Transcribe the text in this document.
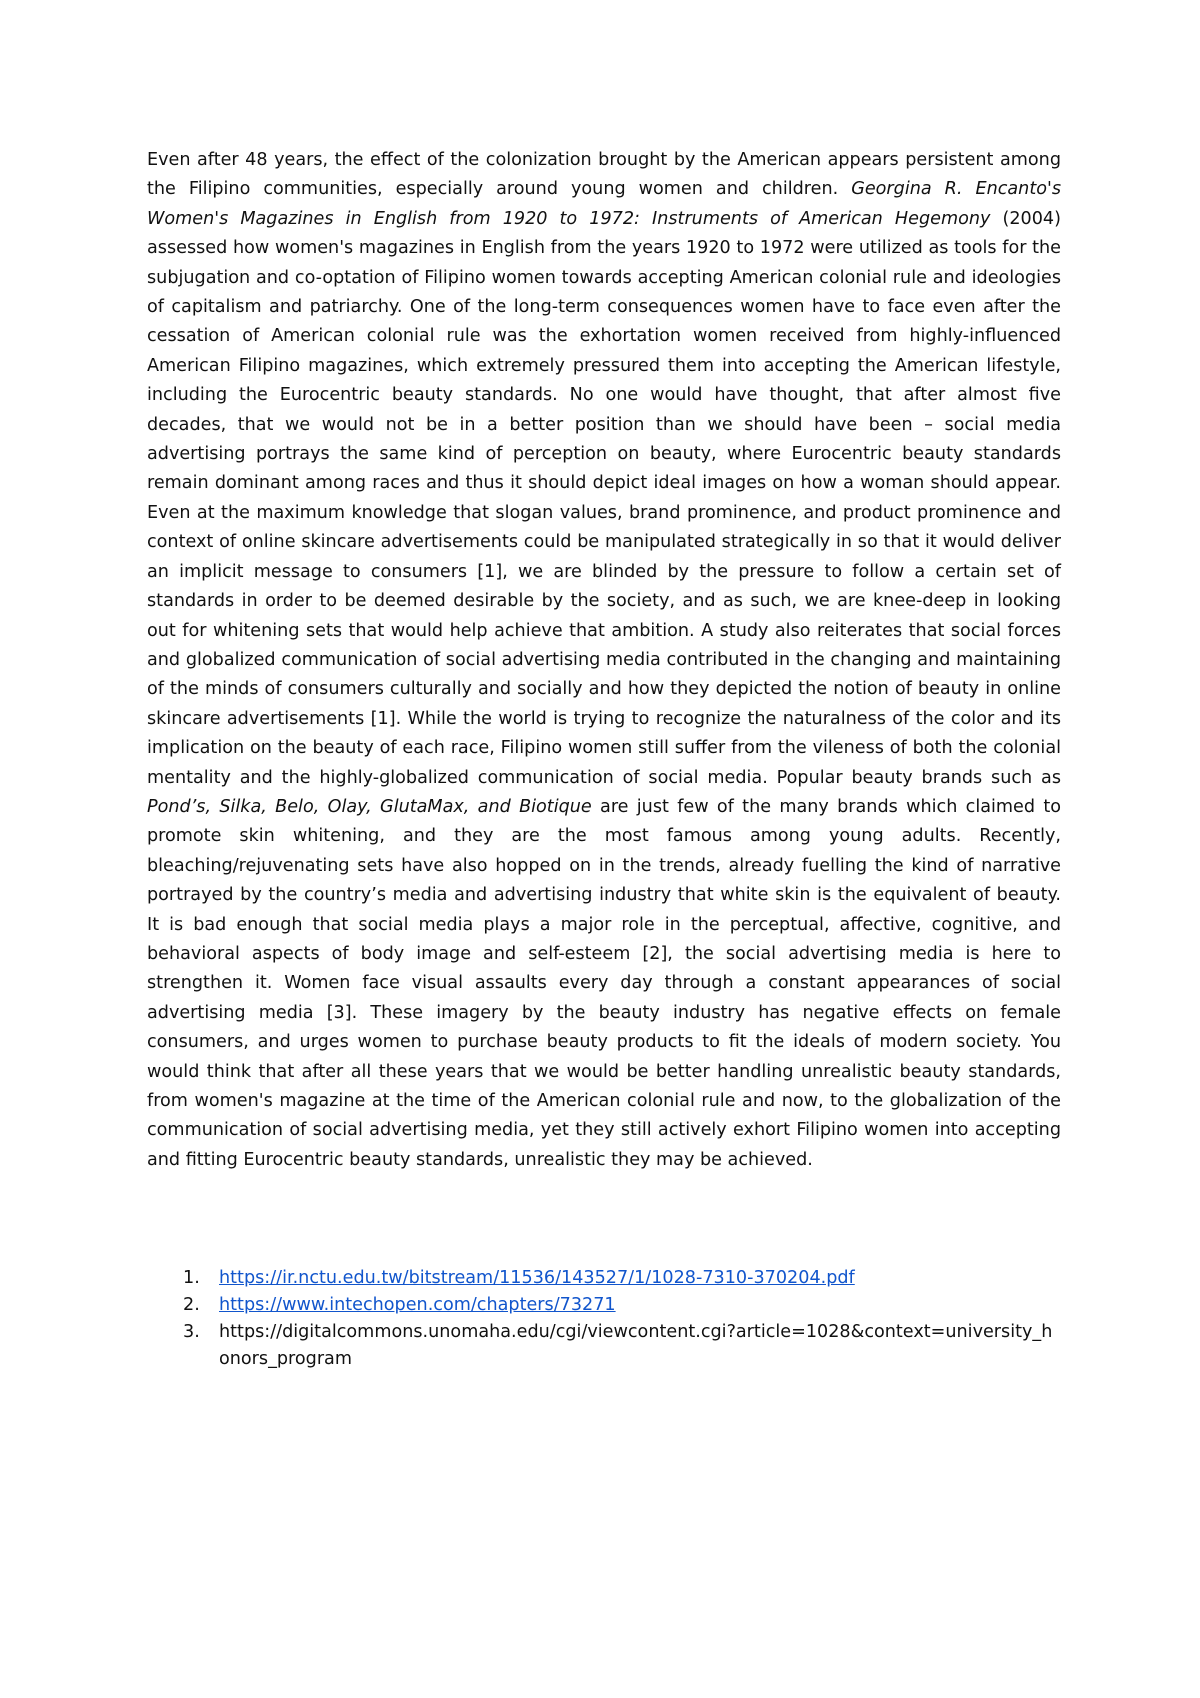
Even after 48 years, the effect of the colonization brought by the American appears persistent among the Filipino communities, especially around young women and children. Georgina R. Encanto's Women's Magazines in English from 1920 to 1972: Instruments of American Hegemony (2004) assessed how women's magazines in English from the years 1920 to 1972 were utilized as tools for the subjugation and co-optation of Filipino women towards accepting American colonial rule and ideologies of capitalism and patriarchy. One of the long-term consequences women have to face even after the cessation of American colonial rule was the exhortation women received from highly-influenced American Filipino magazines, which extremely pressured them into accepting the American lifestyle, including the Eurocentric beauty standards. No one would have thought, that after almost five decades, that we would not be in a better position than we should have been – social media advertising portrays the same kind of perception on beauty, where Eurocentric beauty standards remain dominant among races and thus it should depict ideal images on how a woman should appear. Even at the maximum knowledge that slogan values, brand prominence, and product prominence and context of online skincare advertisements could be manipulated strategically in so that it would deliver an implicit message to consumers [1], we are blinded by the pressure to follow a certain set of standards in order to be deemed desirable by the society, and as such, we are knee-deep in looking out for whitening sets that would help achieve that ambition. A study also reiterates that social forces and globalized communication of social advertising media contributed in the changing and maintaining of the minds of consumers culturally and socially and how they depicted the notion of beauty in online skincare advertisements [1]. While the world is trying to recognize the naturalness of the color and its implication on the beauty of each race, Filipino women still suffer from the vileness of both the colonial mentality and the highly-globalized communication of social media. Popular beauty brands such as Pond’s, Silka, Belo, Olay, GlutaMax, and Biotique are just few of the many brands which claimed to promote skin whitening, and they are the most famous among young adults. Recently, bleaching/rejuvenating sets have also hopped on in the trends, already fuelling the kind of narrative portrayed by the country’s media and advertising industry that white skin is the equivalent of beauty. It is bad enough that social media plays a major role in the perceptual, affective, cognitive, and behavioral aspects of body image and self-esteem [2], the social advertising media is here to strengthen it. Women face visual assaults every day through a constant appearances of social advertising media [3]. These imagery by the beauty industry has negative effects on female consumers, and urges women to purchase beauty products to fit the ideals of modern society. You would think that after all these years that we would be better handling unrealistic beauty standards, from women's magazine at the time of the American colonial rule and now, to the globalization of the communication of social advertising media, yet they still actively exhort Filipino women into accepting and fitting Eurocentric beauty standards, unrealistic they may be achieved.

1. https://ir.nctu.edu.tw/bitstream/11536/143527/1/1028-7310-370204.pdf
2. https://www.intechopen.com/chapters/73271
3. https://digitalcommons.unomaha.edu/cgi/viewcontent.cgi?article=1028&context=university_honors_program
